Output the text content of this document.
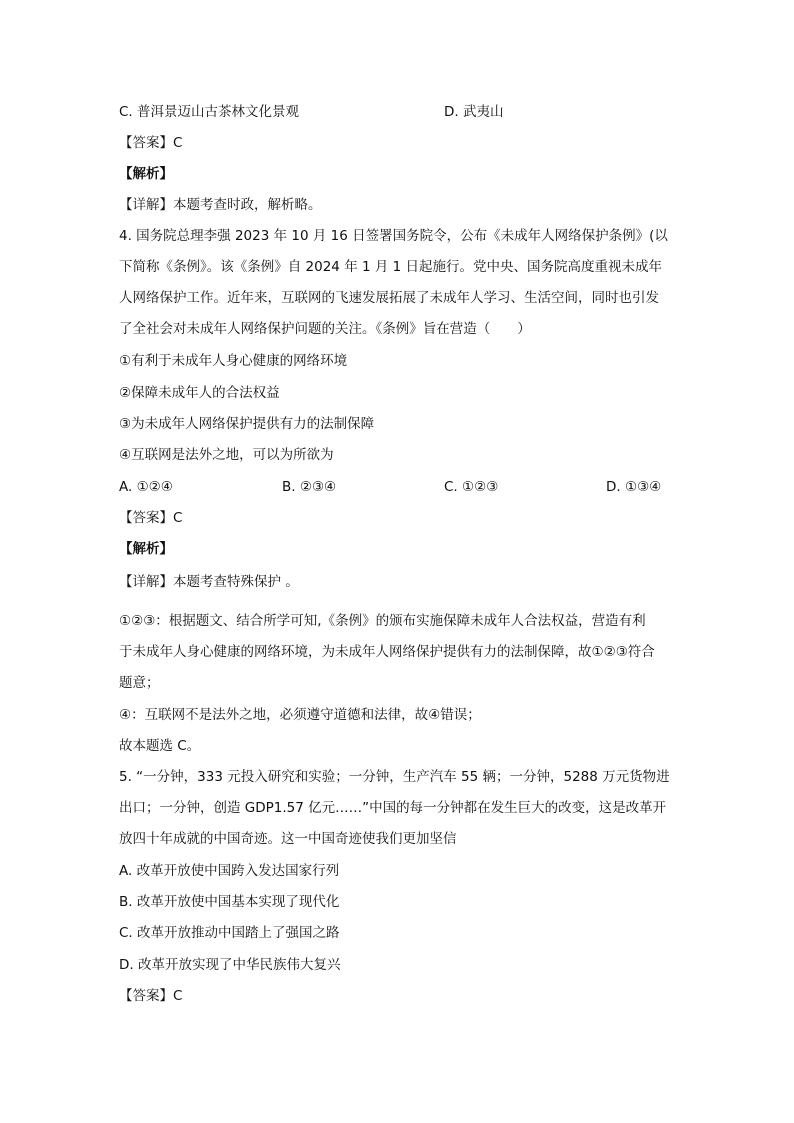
C. 普洱景迈山古茶林文化景观	D. 武夷山
【答案】C
【解析】
【详解】本题考查时政，解析略。
4. 国务院总理李强 2023 年 10 月 16 日签署国务院令，公布《未成年人网络保护条例》(以
下简称《条例》。该《条例》自 2024 年 1 月 1 日起施行。党中央、国务院高度重视未成年
人网络保护工作。近年来，互联网的飞速发展拓展了未成年人学习、生活空间，同时也引发
了全社会对未成年人网络保护问题的关注。《条例》旨在营造（　　）
①有利于未成年人身心健康的网络环境
②保障未成年人的合法权益
③为未成年人网络保护提供有力的法制保障
④互联网是法外之地，可以为所欲为
A. ①②④	B. ②③④	C. ①②③	D. ①③④
【答案】C
【解析】
【详解】本题考查特殊保护 。
①②③：根据题文、结合所学可知,《条例》的颁布实施保障未成年人合法权益，营造有利
于未成年人身心健康的网络环境，为未成年人网络保护提供有力的法制保障，故①②③符合
题意；
④：互联网不是法外之地，必须遵守道德和法律，故④错误；
故本题选 C。
5. “一分钟，333 元投入研究和实验；一分钟，生产汽车 55 辆；一分钟，5288 万元货物进
出口；一分钟，创造 GDP1.57 亿元……”中国的每一分钟都在发生巨大的改变，这是改革开
放四十年成就的中国奇迹。这一中国奇迹使我们更加坚信
A. 改革开放使中国跨入发达国家行列
B. 改革开放使中国基本实现了现代化
C. 改革开放推动中国踏上了强国之路
D. 改革开放实现了中华民族伟大复兴
【答案】C
